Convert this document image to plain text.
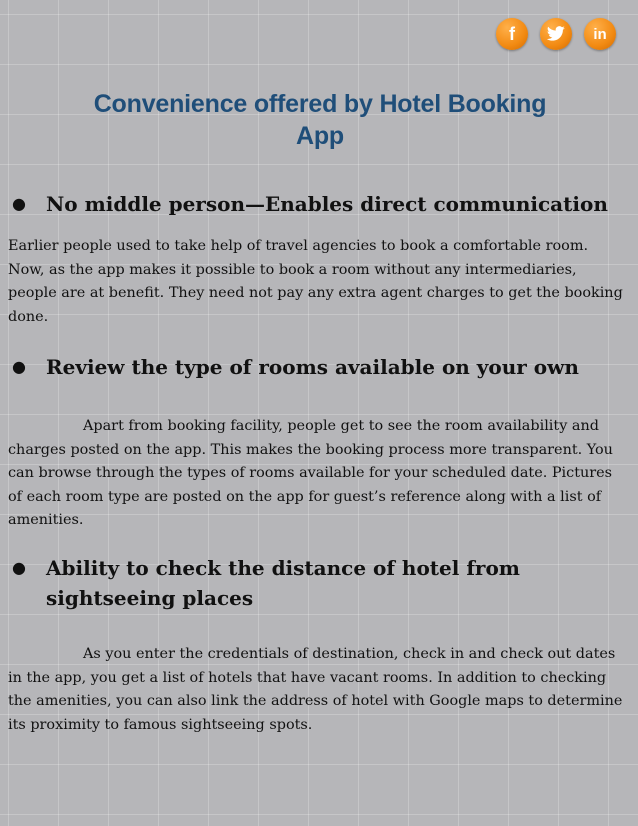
f	in
Convenience offered by Hotel Booking
App
●	No middle person—Enables direct communication
Earlier people used to take help of travel agencies to book a comfortable room. Now, as the app makes it possible to book a room without any intermediaries, people are at benefit. They need not pay any extra agent charges to get the booking done.
●	Review the type of rooms available on your own
Apart from booking facility, people get to see the room availability and charges posted on the app. This makes the booking process more transparent. You can browse through the types of rooms available for your scheduled date. Pictures of each room type are posted on the app for guest’s reference along with a list of amenities.
●	Ability to check the distance of hotel from sightseeing places
As you enter the credentials of destination, check in and check out dates in the app, you get a list of hotels that have vacant rooms. In addition to checking the amenities, you can also link the address of hotel with Google maps to determine its proximity to famous sightseeing spots.
